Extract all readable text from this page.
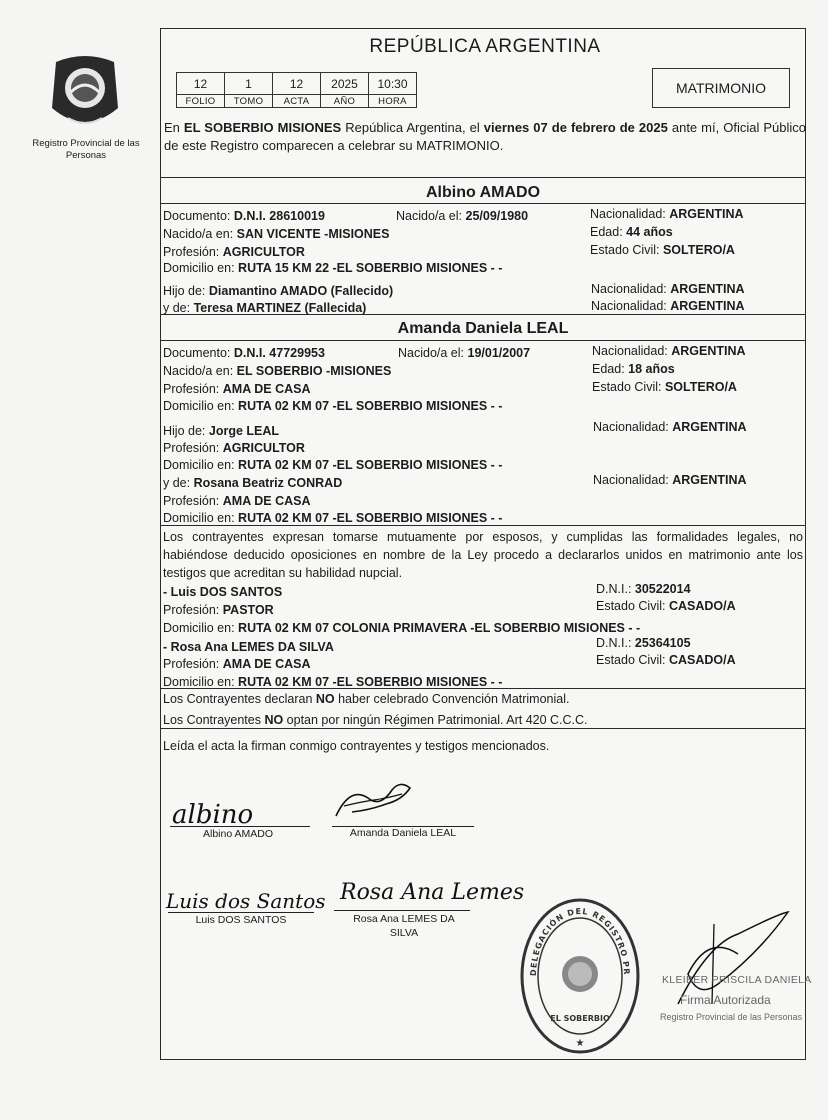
Registro Provincial de las Personas
REPÚBLICA ARGENTINA
12	1	12	2025	10:30
FOLIO	TOMO	ACTA	AÑO	HORA
MATRIMONIO
En EL SOBERBIO MISIONES República Argentina, el viernes 07 de febrero de 2025 ante mí, Oficial Público de este Registro comparecen a celebrar su MATRIMONIO.
Albino AMADO
Documento: D.N.I. 28610019	Nacido/a el: 25/09/1980	Nacionalidad: ARGENTINA
Nacido/a en: SAN VICENTE -MISIONES	Edad: 44 años
Profesión: AGRICULTOR	Estado Civil: SOLTERO/A
Domicilio en: RUTA 15 KM 22 -EL SOBERBIO MISIONES - -
Hijo de: Diamantino AMADO (Fallecido)	Nacionalidad: ARGENTINA
y de: Teresa MARTINEZ (Fallecida)	Nacionalidad: ARGENTINA
Amanda Daniela LEAL
Documento: D.N.I. 47729953	Nacido/a el: 19/01/2007	Nacionalidad: ARGENTINA
Nacido/a en: EL SOBERBIO -MISIONES	Edad: 18 años
Profesión: AMA DE CASA	Estado Civil: SOLTERO/A
Domicilio en: RUTA 02 KM 07 -EL SOBERBIO MISIONES - -
Hijo de: Jorge LEAL	Nacionalidad: ARGENTINA
Profesión: AGRICULTOR
Domicilio en: RUTA 02 KM 07 -EL SOBERBIO MISIONES - -
y de: Rosana Beatriz CONRAD	Nacionalidad: ARGENTINA
Profesión: AMA DE CASA
Domicilio en: RUTA 02 KM 07 -EL SOBERBIO MISIONES - -
Los contrayentes expresan tomarse mutuamente por esposos, y cumplidas las formalidades legales, no habiéndose deducido oposiciones en nombre de la Ley procedo a declararlos unidos en matrimonio ante los testigos que acreditan su habilidad nupcial.
- Luis DOS SANTOS	D.N.I.: 30522014
Profesión: PASTOR	Estado Civil: CASADO/A
Domicilio en: RUTA 02 KM 07 COLONIA PRIMAVERA -EL SOBERBIO MISIONES - -
- Rosa Ana LEMES DA SILVA	D.N.I.: 25364105
Profesión: AMA DE CASA	Estado Civil: CASADO/A
Domicilio en: RUTA 02 KM 07 -EL SOBERBIO MISIONES - -
Los Contrayentes declaran NO haber celebrado Convención Matrimonial.
Los Contrayentes NO optan por ningún Régimen Patrimonial. Art 420 C.C.C.
Leída el acta la firman conmigo contrayentes y testigos mencionados.
albino
Albino AMADO	Amanda Daniela LEAL
Luis dos Santos
Luis DOS SANTOS
Rosa Ana Lemes
Rosa Ana LEMES DA SILVA
DELEGACIÓN DEL REGISTRO PR
EL SOBERBIO
★
KLEIBER PRISCILA DANIELA
Firma Autorizada
Registro Provincial de las Personas
